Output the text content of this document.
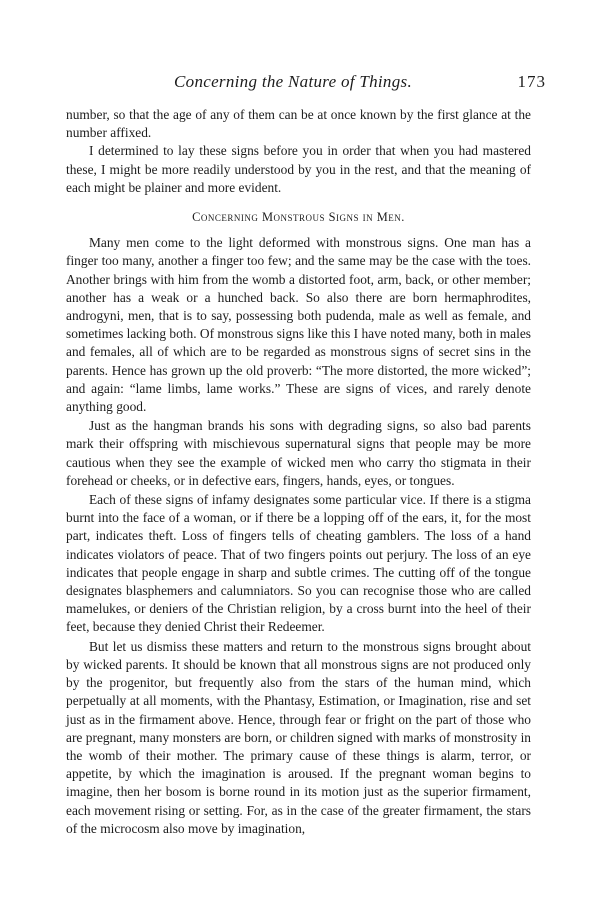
Concerning the Nature of Things.	173

number, so that the age of any of them can be at once known by the first glance at the number affixed.

I determined to lay these signs before you in order that when you had mastered these, I might be more readily understood by you in the rest, and that the meaning of each might be plainer and more evident.

Concerning Monstrous Signs in Men.

Many men come to the light deformed with monstrous signs. One man has a finger too many, another a finger too few; and the same may be the case with the toes. Another brings with him from the womb a distorted foot, arm, back, or other member; another has a weak or a hunched back. So also there are born hermaphrodites, androgyni, men, that is to say, possessing both pudenda, male as well as female, and sometimes lacking both. Of monstrous signs like this I have noted many, both in males and females, all of which are to be regarded as monstrous signs of secret sins in the parents. Hence has grown up the old proverb: “The more distorted, the more wicked”; and again: “lame limbs, lame works.” These are signs of vices, and rarely denote anything good.

Just as the hangman brands his sons with degrading signs, so also bad parents mark their offspring with mischievous supernatural signs that people may be more cautious when they see the example of wicked men who carry tho stigmata in their forehead or cheeks, or in defective ears, fingers, hands, eyes, or tongues.

Each of these signs of infamy designates some particular vice. If there is a stigma burnt into the face of a woman, or if there be a lopping off of the ears, it, for the most part, indicates theft. Loss of fingers tells of cheating gamblers. The loss of a hand indicates violators of peace. That of two fingers points out perjury. The loss of an eye indicates that people engage in sharp and subtle crimes. The cutting off of the tongue designates blasphemers and calumniators. So you can recognise those who are called mamelukes, or deniers of the Christian religion, by a cross burnt into the heel of their feet, because they denied Christ their Redeemer.

But let us dismiss these matters and return to the monstrous signs brought about by wicked parents. It should be known that all monstrous signs are not produced only by the progenitor, but frequently also from the stars of the human mind, which perpetually at all moments, with the Phantasy, Estimation, or Imagination, rise and set just as in the firmament above. Hence, through fear or fright on the part of those who are pregnant, many monsters are born, or children signed with marks of monstrosity in the womb of their mother. The primary cause of these things is alarm, terror, or appetite, by which the imagination is aroused. If the pregnant woman begins to imagine, then her bosom is borne round in its motion just as the superior firmament, each movement rising or setting. For, as in the case of the greater firmament, the stars of the microcosm also move by imagination,
